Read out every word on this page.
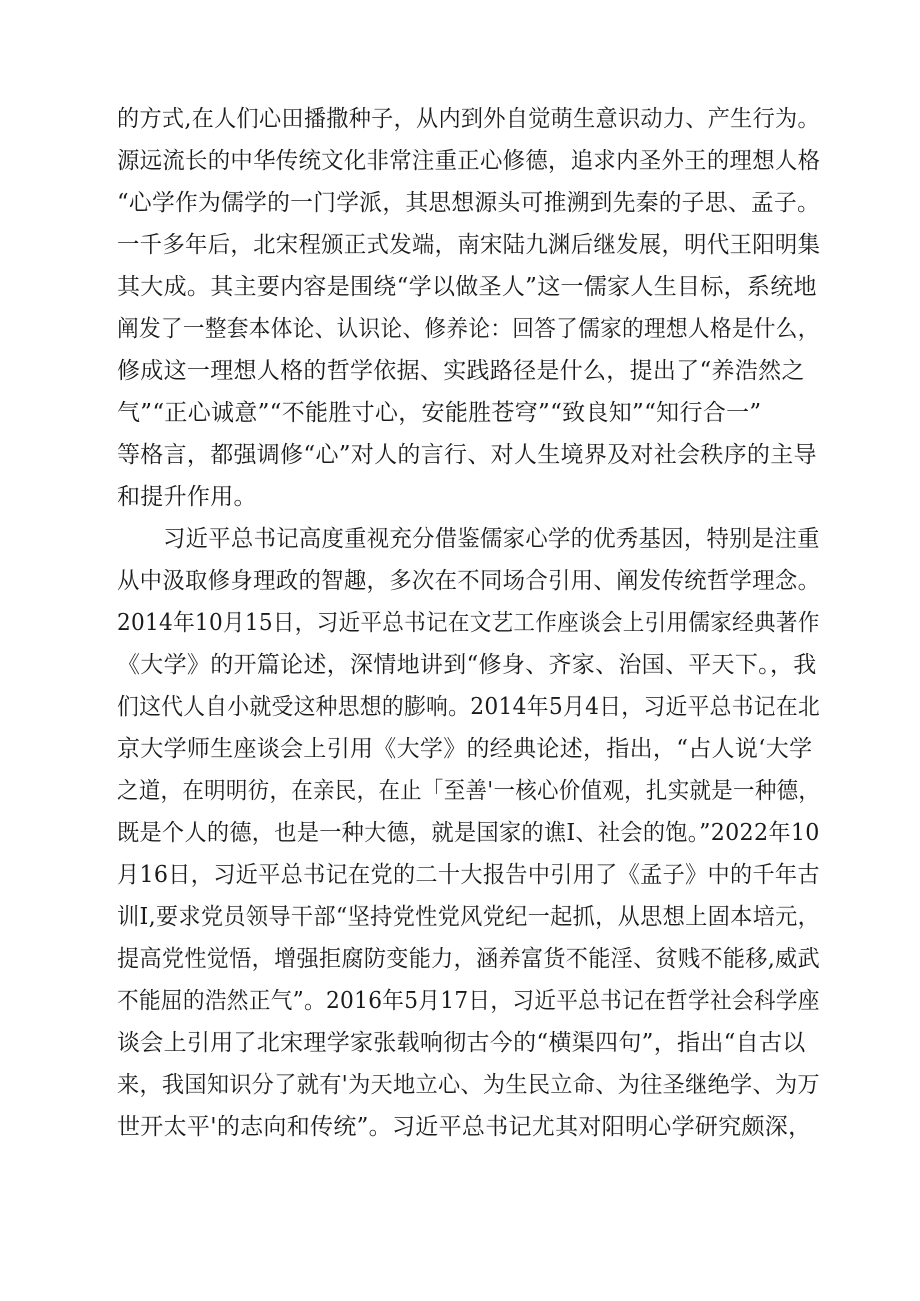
的方式,在人们心田播撒种子，从内到外自觉萌生意识动力、产生行为。
源远流长的中华传统文化非常注重正心修德，追求内圣外王的理想人格
“心学作为儒学的一门学派，其思想源头可推溯到先秦的子思、孟子。
一千多年后，北宋程颁正式发端，南宋陆九渊后继发展，明代王阳明集
其大成。其主要内容是围绕“学以做圣人”这一儒家人生目标，系统地
阐发了一整套本体论、认识论、修养论：回答了儒家的理想人格是什么，
修成这一理想人格的哲学依据、实践路径是什么，提出了“养浩然之
气”“正心诚意”“不能胜寸心，安能胜苍穹”“致良知”“知行合一”
等格言，都强调修“心”对人的言行、对人生境界及对社会秩序的主导
和提升作用。
习近平总书记高度重视充分借鉴儒家心学的优秀基因，特别是注重
从中汲取修身理政的智趣，多次在不同场合引用、阐发传统哲学理念。
2014年10月15日，习近平总书记在文艺工作座谈会上引用儒家经典著作
《大学》的开篇论述，深情地讲到“修身、齐家、治国、平天下。，我
们这代人自小就受这种思想的膨响。2014年5月4日，习近平总书记在北
京大学师生座谈会上引用《大学》的经典论述，指出，“占人说‘大学
之道，在明明彷，在亲民，在止「至善'一核心价值观，扎实就是一种德，
既是个人的德，也是一种大德，就是国家的谯I、社会的饱。”2022年10
月16日，习近平总书记在党的二十大报告中引用了《孟子》中的千年古
训I,要求党员领导干部“坚持党性党风党纪一起抓，从思想上固本培元，
提高党性觉悟，增强拒腐防变能力，涵养富货不能淫、贫贱不能移,威武
不能屈的浩然正气”。2016年5月17日，习近平总书记在哲学社会科学座
谈会上引用了北宋理学家张载响彻古今的“横渠四句”，指出“自古以
来，我国知识分了就有'为天地立心、为生民立命、为往圣继绝学、为万
世开太平'的志向和传统”。习近平总书记尤其对阳明心学研究颇深，
